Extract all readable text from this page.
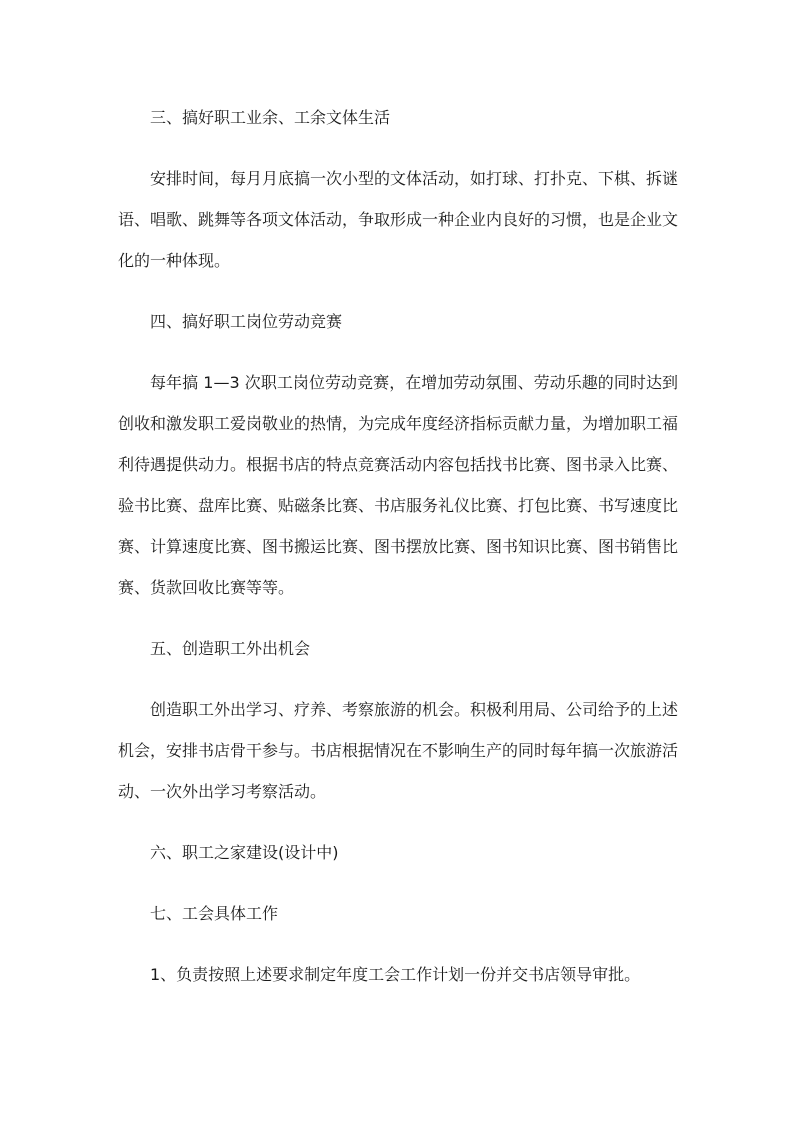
三、搞好职工业余、工余文体生活

安排时间，每月月底搞一次小型的文体活动，如打球、打扑克、下棋、拆谜语、唱歌、跳舞等各项文体活动，争取形成一种企业内良好的习惯，也是企业文化的一种体现。

四、搞好职工岗位劳动竞赛

每年搞 1—3 次职工岗位劳动竞赛，在增加劳动氛围、劳动乐趣的同时达到创收和激发职工爱岗敬业的热情，为完成年度经济指标贡献力量，为增加职工福利待遇提供动力。根据书店的特点竞赛活动内容包括找书比赛、图书录入比赛、验书比赛、盘库比赛、贴磁条比赛、书店服务礼仪比赛、打包比赛、书写速度比赛、计算速度比赛、图书搬运比赛、图书摆放比赛、图书知识比赛、图书销售比赛、货款回收比赛等等。

五、创造职工外出机会

创造职工外出学习、疗养、考察旅游的机会。积极利用局、公司给予的上述机会，安排书店骨干参与。书店根据情况在不影响生产的同时每年搞一次旅游活动、一次外出学习考察活动。

六、职工之家建设(设计中)

七、工会具体工作

1、负责按照上述要求制定年度工会工作计划一份并交书店领导审批。
